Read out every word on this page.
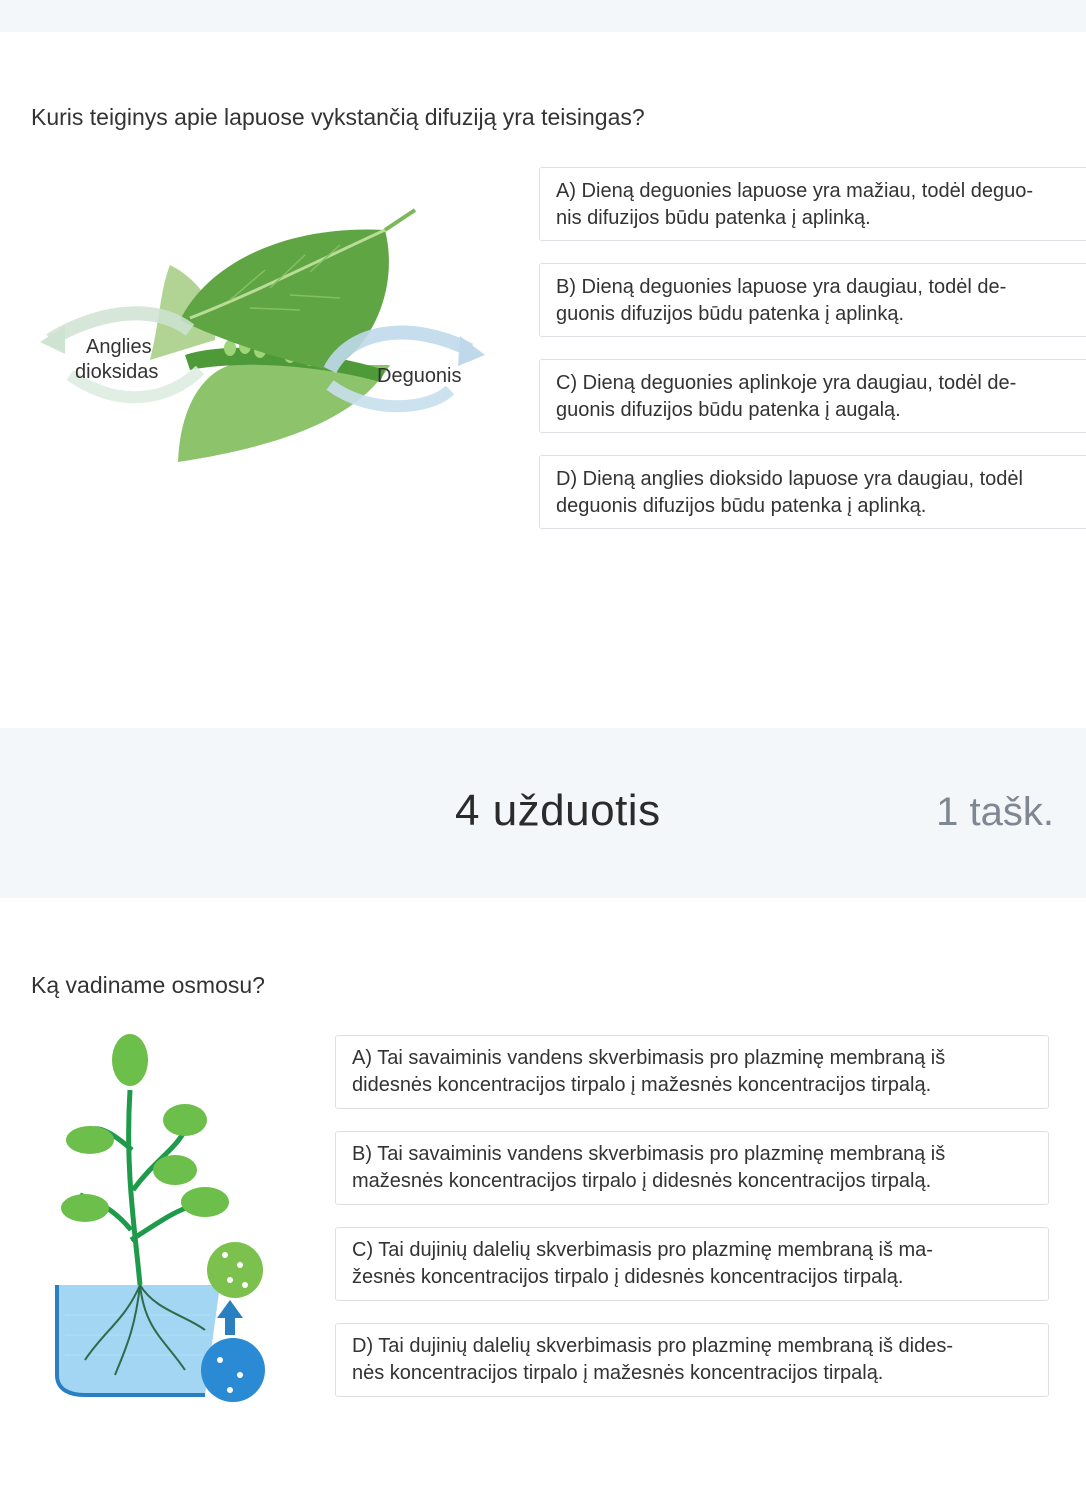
Kuris teiginys apie lapuose vykstančią difuziją yra teisingas?
Anglies
dioksidas	Deguonis
A) Dieną deguonies lapuose yra mažiau, todėl deguo-
nis difuzijos būdu patenka į aplinką.
B) Dieną deguonies lapuose yra daugiau, todėl de-
guonis difuzijos būdu patenka į aplinką.
C) Dieną deguonies aplinkoje yra daugiau, todėl de-
guonis difuzijos būdu patenka į augalą.
D) Dieną anglies dioksido lapuose yra daugiau, todėl
deguonis difuzijos būdu patenka į aplinką.
4 užduotis	1 tašk.
Ką vadiname osmosu?
A) Tai savaiminis vandens skverbimasis pro plazminę membraną iš
didesnės koncentracijos tirpalo į mažesnės koncentracijos tirpalą.
B) Tai savaiminis vandens skverbimasis pro plazminę membraną iš
mažesnės koncentracijos tirpalo į didesnės koncentracijos tirpalą.
C) Tai dujinių dalelių skverbimasis pro plazminę membraną iš ma-
žesnės koncentracijos tirpalo į didesnės koncentracijos tirpalą.
D) Tai dujinių dalelių skverbimasis pro plazminę membraną iš dides-
nės koncentracijos tirpalo į mažesnės koncentracijos tirpalą.
